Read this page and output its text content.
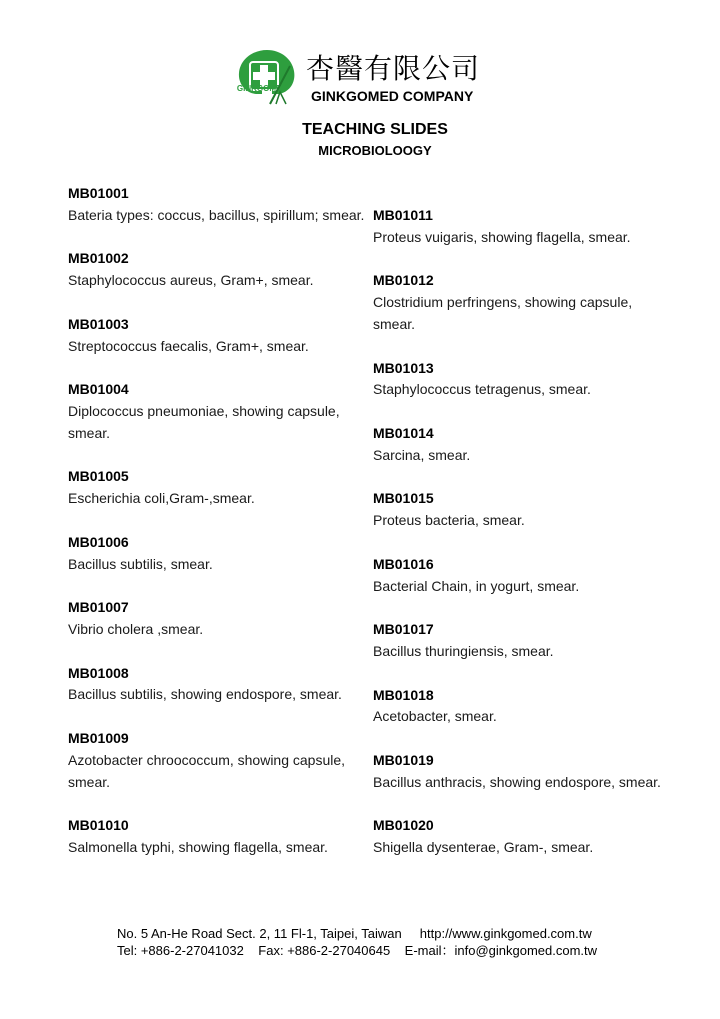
GINKGOMED
杏醫有限公司
GINKGOMED COMPANY
TEACHING SLIDES
MICROBIOLOOGY
MB01001
Bateria types: coccus, bacillus, spirillum; smear.
MB01002
Staphylococcus aureus, Gram+, smear.
MB01003
Streptococcus faecalis, Gram+, smear.
MB01004
Diplococcus pneumoniae, showing capsule, smear.
MB01005
Escherichia coli,Gram-,smear.
MB01006
Bacillus subtilis, smear.
MB01007
Vibrio cholera ,smear.
MB01008
Bacillus subtilis, showing endospore, smear.
MB01009
Azotobacter chroococcum, showing capsule, smear.
MB01010
Salmonella typhi, showing flagella, smear.
MB01011
Proteus vuigaris, showing flagella, smear.
MB01012
Clostridium perfringens, showing capsule, smear.
MB01013
Staphylococcus tetragenus, smear.
MB01014
Sarcina, smear.
MB01015
Proteus bacteria, smear.
MB01016
Bacterial Chain, in yogurt, smear.
MB01017
Bacillus thuringiensis, smear.
MB01018
Acetobacter, smear.
MB01019
Bacillus anthracis, showing endospore, smear.
MB01020
Shigella dysenterae, Gram-, smear.
No. 5 An-He Road Sect. 2, 11 Fl-1, Taipei, Taiwan     http://www.ginkgomed.com.tw
Tel: +886-2-27041032    Fax: +886-2-27040645    E-mail：info@ginkgomed.com.tw
